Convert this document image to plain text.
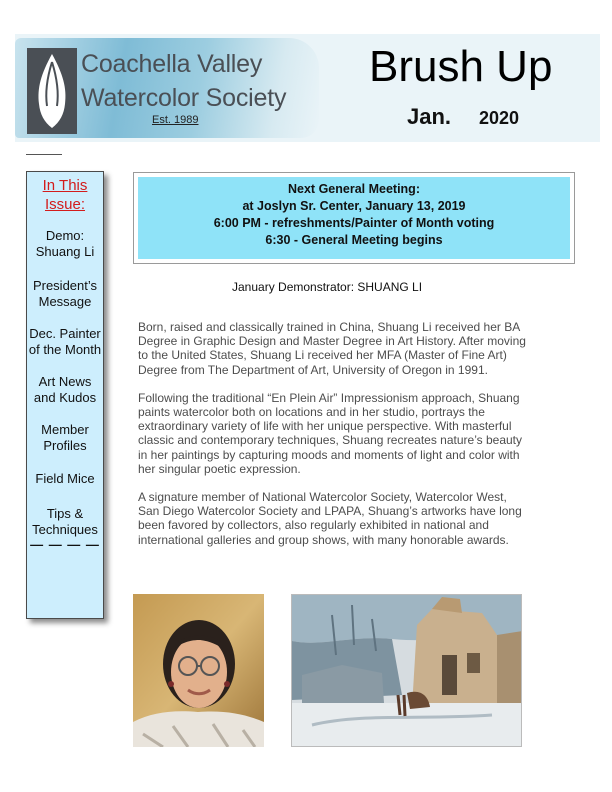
Coachella Valley
Watercolor Society
Est. 1989
Brush Up
Jan. 2020
In This Issue:
Demo: Shuang Li
President’s Message
Dec. Painter of the Month
Art News and Kudos
Member Profiles
Field Mice
Tips & Techniques
— — — —
Next General Meeting:
at Joslyn Sr. Center, January 13, 2019
6:00 PM - refreshments/Painter of Month voting
6:30 - General Meeting begins
January Demonstrator: SHUANG LI

Born, raised and classically trained in China, Shuang Li received her BA Degree in Graphic Design and Master Degree in Art History. After moving to the United States, Shuang Li received her MFA (Master of Fine Art) Degree from The Department of Art, University of Oregon in 1991.

Following the traditional “En Plein Air” Impressionism approach, Shuang paints watercolor both on locations and in her studio, portrays the extraordinary variety of life with her unique perspective. With masterful classic and contemporary techniques, Shuang recreates nature’s beauty in her paintings by capturing moods and moments of light and color with her singular poetic expression.

A signature member of National Watercolor Society, Watercolor West, San Diego Watercolor Society and LPAPA, Shuang’s artworks have long been favored by collectors, also regularly exhibited in national and international galleries and group shows, with many honorable awards.
